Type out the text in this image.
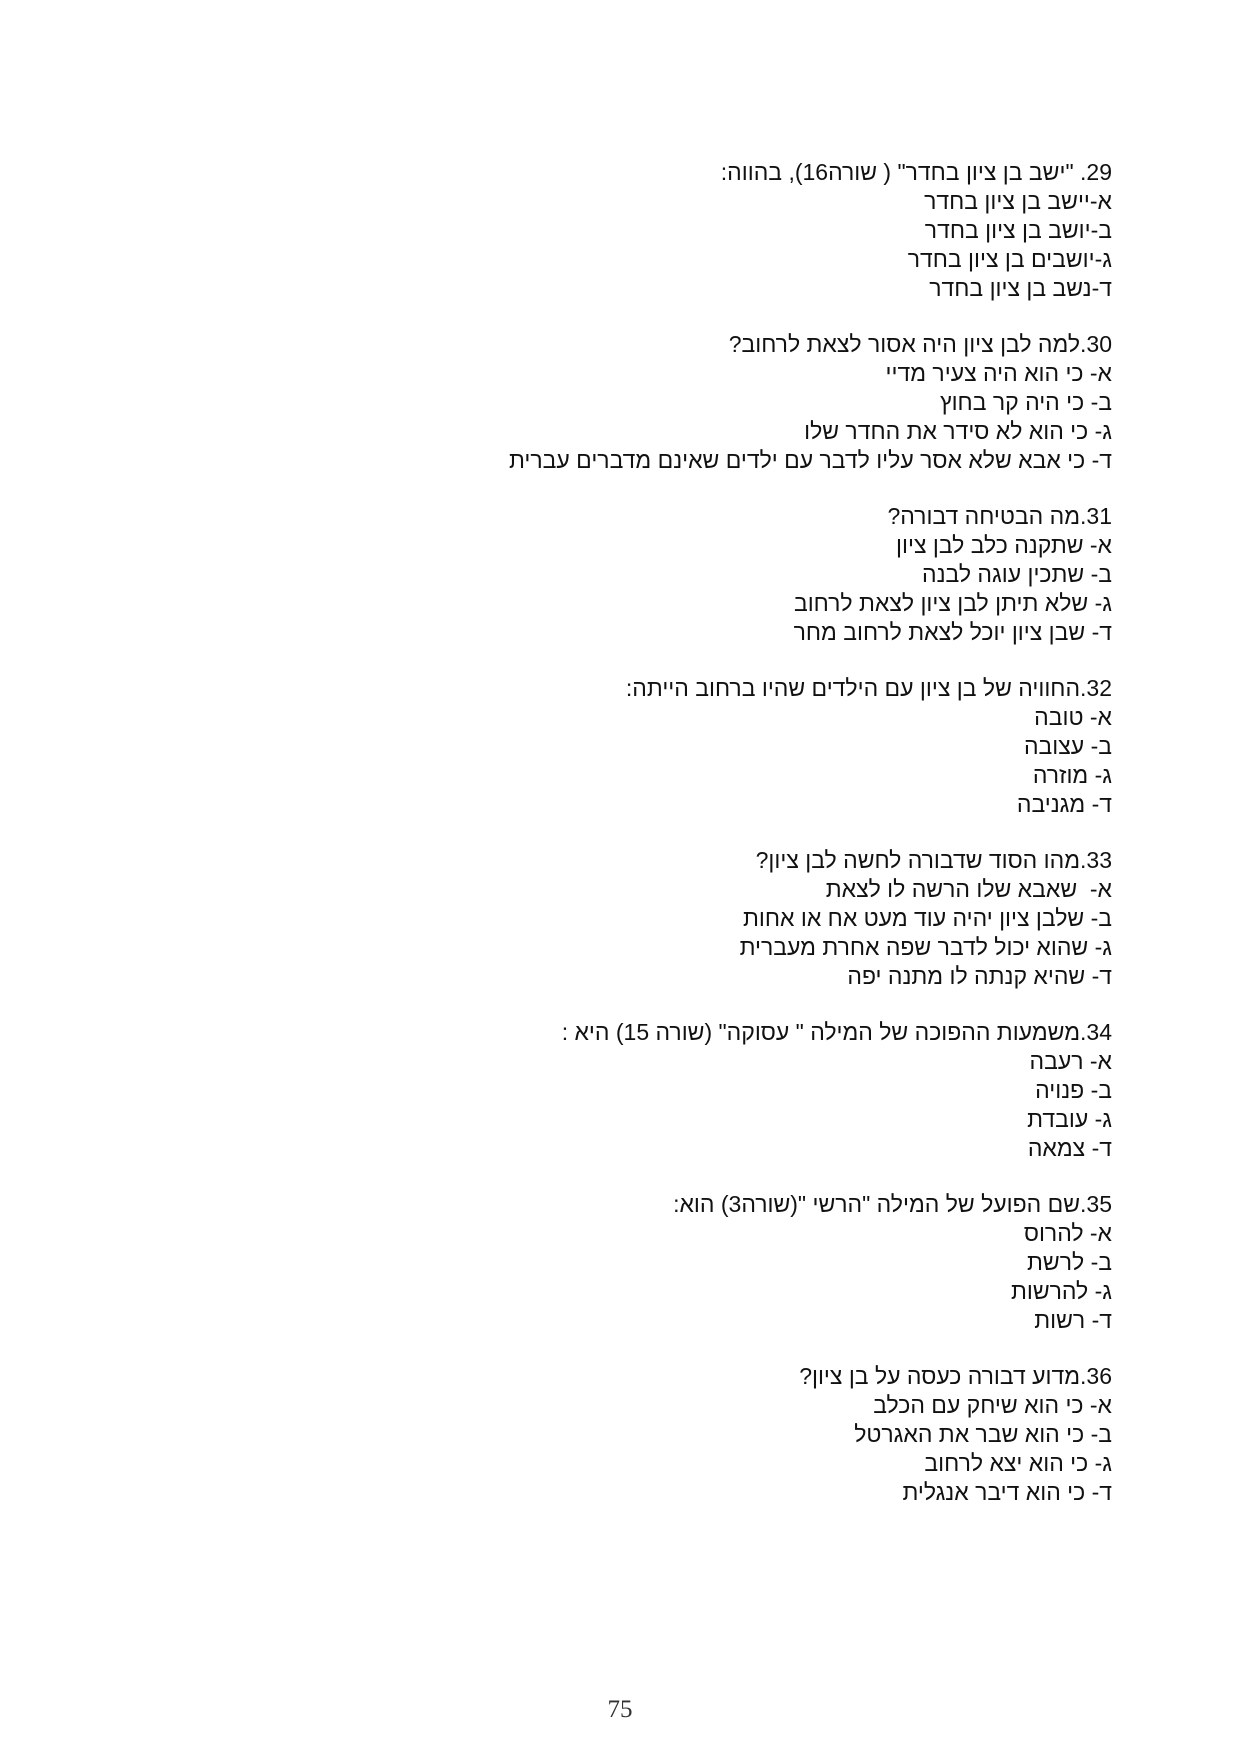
29. "ישב בן ציון בחדר" ( שורה16), בהווה:
א-יישב בן ציון בחדר
ב-יושב בן ציון בחדר
ג-יושבים בן ציון בחדר
ד-נשב בן ציון בחדר
30.למה לבן ציון היה אסור לצאת לרחוב?
א- כי הוא היה צעיר מדיי
ב- כי היה קר בחוץ
ג- כי הוא לא סידר את החדר שלו
ד- כי אבא שלא אסר עליו לדבר עם ילדים שאינם מדברים עברית
31.מה הבטיחה דבורה?
א- שתקנה כלב לבן ציון
ב- שתכין עוגה לבנה
ג- שלא תיתן לבן ציון לצאת לרחוב
ד- שבן ציון יוכל לצאת לרחוב מחר
32.החוויה של בן ציון עם הילדים שהיו ברחוב הייתה:
א- טובה
ב- עצובה
ג- מוזרה
ד- מגניבה
33.מהו הסוד שדבורה לחשה לבן ציון?
א-  שאבא שלו הרשה לו לצאת
ב- שלבן ציון יהיה עוד מעט אח או אחות
ג- שהוא יכול לדבר שפה אחרת מעברית
ד- שהיא קנתה לו מתנה יפה
34.משמעות ההפוכה של המילה " עסוקה" (שורה 15) היא :
א- רעבה
ב- פנויה
ג- עובדת
ד- צמאה
35.שם הפועל של המילה "הרשי "(שורה3) הוא:
א- להרוס
ב- לרשת
ג- להרשות
ד- רשות
36.מדוע דבורה כעסה על בן ציון?
א- כי הוא שיחק עם הכלב
ב- כי הוא שבר את האגרטל
ג- כי הוא יצא לרחוב
ד- כי הוא דיבר אנגלית
75
